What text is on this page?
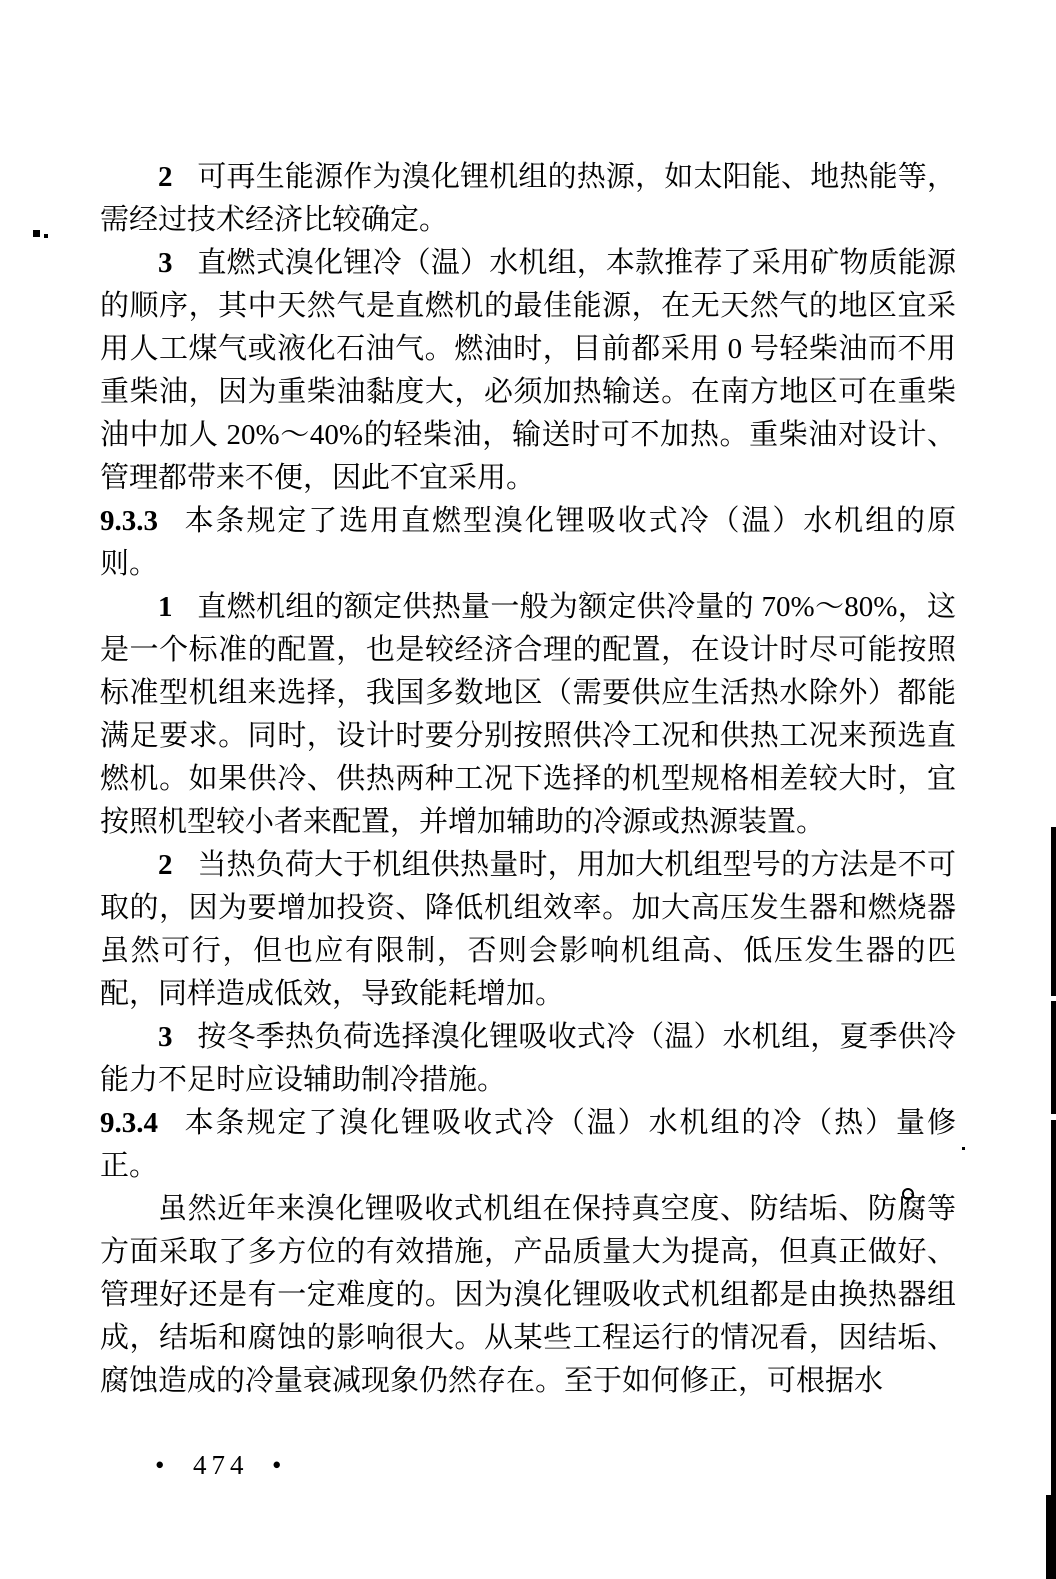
2 可再生能源作为溴化锂机组的热源，如太阳能、地热能等，需经过技术经济比较确定。

3 直燃式溴化锂冷（温）水机组，本款推荐了采用矿物质能源的顺序，其中天然气是直燃机的最佳能源，在无天然气的地区宜采用人工煤气或液化石油气。燃油时，目前都采用 0 号轻柴油而不用重柴油，因为重柴油黏度大，必须加热输送。在南方地区可在重柴油中加人 20%～40%的轻柴油，输送时可不加热。重柴油对设计、管理都带来不便，因此不宜采用。

9.3.3 本条规定了选用直燃型溴化锂吸收式冷（温）水机组的原则。

1 直燃机组的额定供热量一般为额定供冷量的 70%～80%，这是一个标准的配置，也是较经济合理的配置，在设计时尽可能按照标准型机组来选择，我国多数地区（需要供应生活热水除外）都能满足要求。同时，设计时要分别按照供冷工况和供热工况来预选直燃机。如果供冷、供热两种工况下选择的机型规格相差较大时，宜按照机型较小者来配置，并增加辅助的冷源或热源装置。

2 当热负荷大于机组供热量时，用加大机组型号的方法是不可取的，因为要增加投资、降低机组效率。加大高压发生器和燃烧器虽然可行，但也应有限制，否则会影响机组高、低压发生器的匹配，同样造成低效，导致能耗增加。

3 按冬季热负荷选择溴化锂吸收式冷（温）水机组，夏季供冷能力不足时应设辅助制冷措施。

9.3.4 本条规定了溴化锂吸收式冷（温）水机组的冷（热）量修正。

虽然近年来溴化锂吸收式机组在保持真空度、防结垢、防腐等方面采取了多方位的有效措施，产品质量大为提高，但真正做好、管理好还是有一定难度的。因为溴化锂吸收式机组都是由换热器组成，结垢和腐蚀的影响很大。从某些工程运行的情况看，因结垢、腐蚀造成的冷量衰减现象仍然存在。至于如何修正，可根据水

•  474  •
